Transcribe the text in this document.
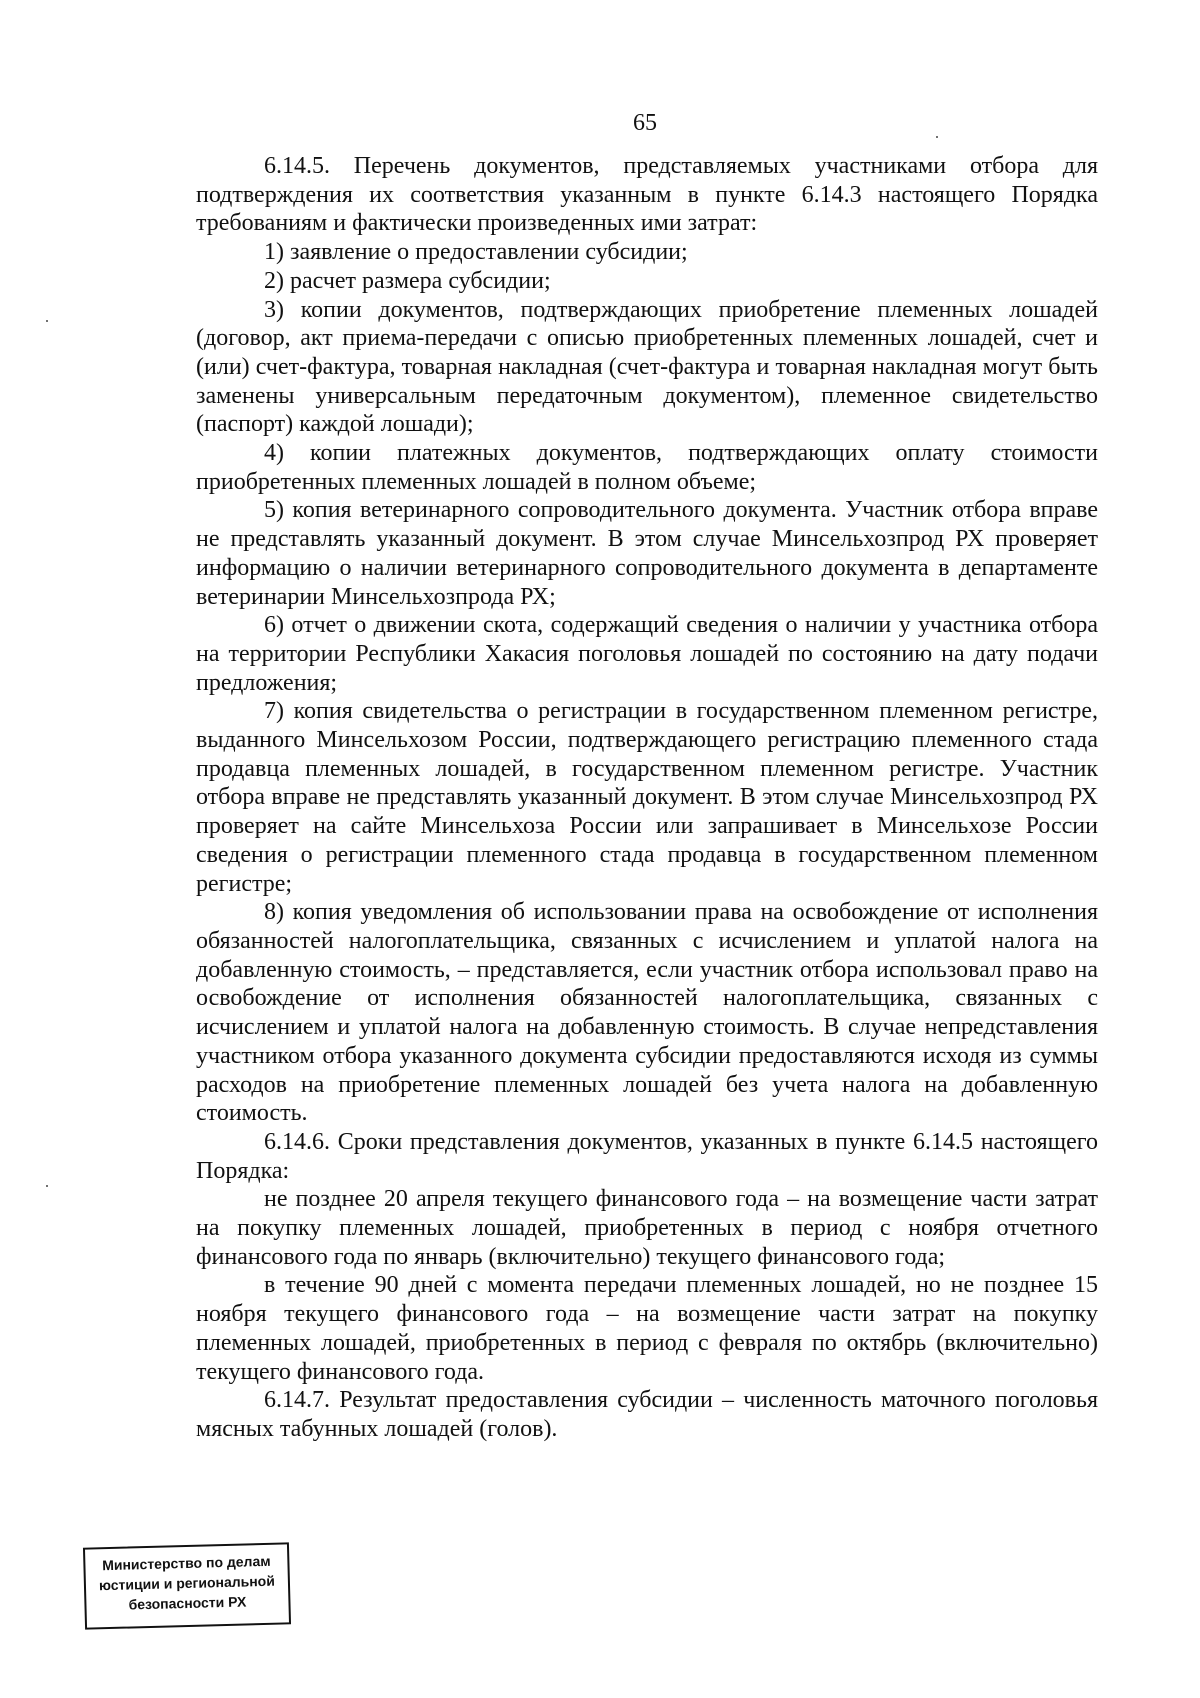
65

6.14.5. Перечень документов, представляемых участниками отбора для подтверждения их соответствия указанным в пункте 6.14.3 настоящего Порядка требованиям и фактически произведенных ими затрат:

1) заявление о предоставлении субсидии;

2) расчет размера субсидии;

3) копии документов, подтверждающих приобретение племенных лошадей (договор, акт приема-передачи с описью приобретенных племенных лошадей, счет и (или) счет-фактура, товарная накладная (счет-фактура и товарная накладная могут быть заменены универсальным передаточным документом), племенное свидетельство (паспорт) каждой лошади);

4) копии платежных документов, подтверждающих оплату стоимости приобретенных племенных лошадей в полном объеме;

5) копия ветеринарного сопроводительного документа. Участник отбора вправе не представлять указанный документ. В этом случае Минсельхозпрод РХ проверяет информацию о наличии ветеринарного сопроводительного документа в департаменте ветеринарии Минсельхозпрода РХ;

6) отчет о движении скота, содержащий сведения о наличии у участника отбора на территории Республики Хакасия поголовья лошадей по состоянию на дату подачи предложения;

7) копия свидетельства о регистрации в государственном племенном регистре, выданного Минсельхозом России, подтверждающего регистрацию племенного стада продавца племенных лошадей, в государственном племенном регистре. Участник отбора вправе не представлять указанный документ. В этом случае Минсельхозпрод РХ проверяет на сайте Минсельхоза России или запрашивает в Минсельхозе России сведения о регистрации племенного стада продавца в государственном племенном регистре;

8) копия уведомления об использовании права на освобождение от исполнения обязанностей налогоплательщика, связанных с исчислением и уплатой налога на добавленную стоимость, – представляется, если участник отбора использовал право на освобождение от исполнения обязанностей налогоплательщика, связанных с исчислением и уплатой налога на добавленную стоимость. В случае непредставления участником отбора указанного документа субсидии предоставляются исходя из суммы расходов на приобретение племенных лошадей без учета налога на добавленную стоимость.

6.14.6. Сроки представления документов, указанных в пункте 6.14.5 настоящего Порядка:

не позднее 20 апреля текущего финансового года – на возмещение части затрат на покупку племенных лошадей, приобретенных в период с ноября отчетного финансового года по январь (включительно) текущего финансового года;

в течение 90 дней с момента передачи племенных лошадей, но не позднее 15 ноября текущего финансового года – на возмещение части затрат на покупку племенных лошадей, приобретенных в период с февраля по октябрь (включительно) текущего финансового года.

6.14.7. Результат предоставления субсидии – численность маточного поголовья мясных табунных лошадей (голов).

Министерство по делам
юстиции и региональной
безопасности РХ
